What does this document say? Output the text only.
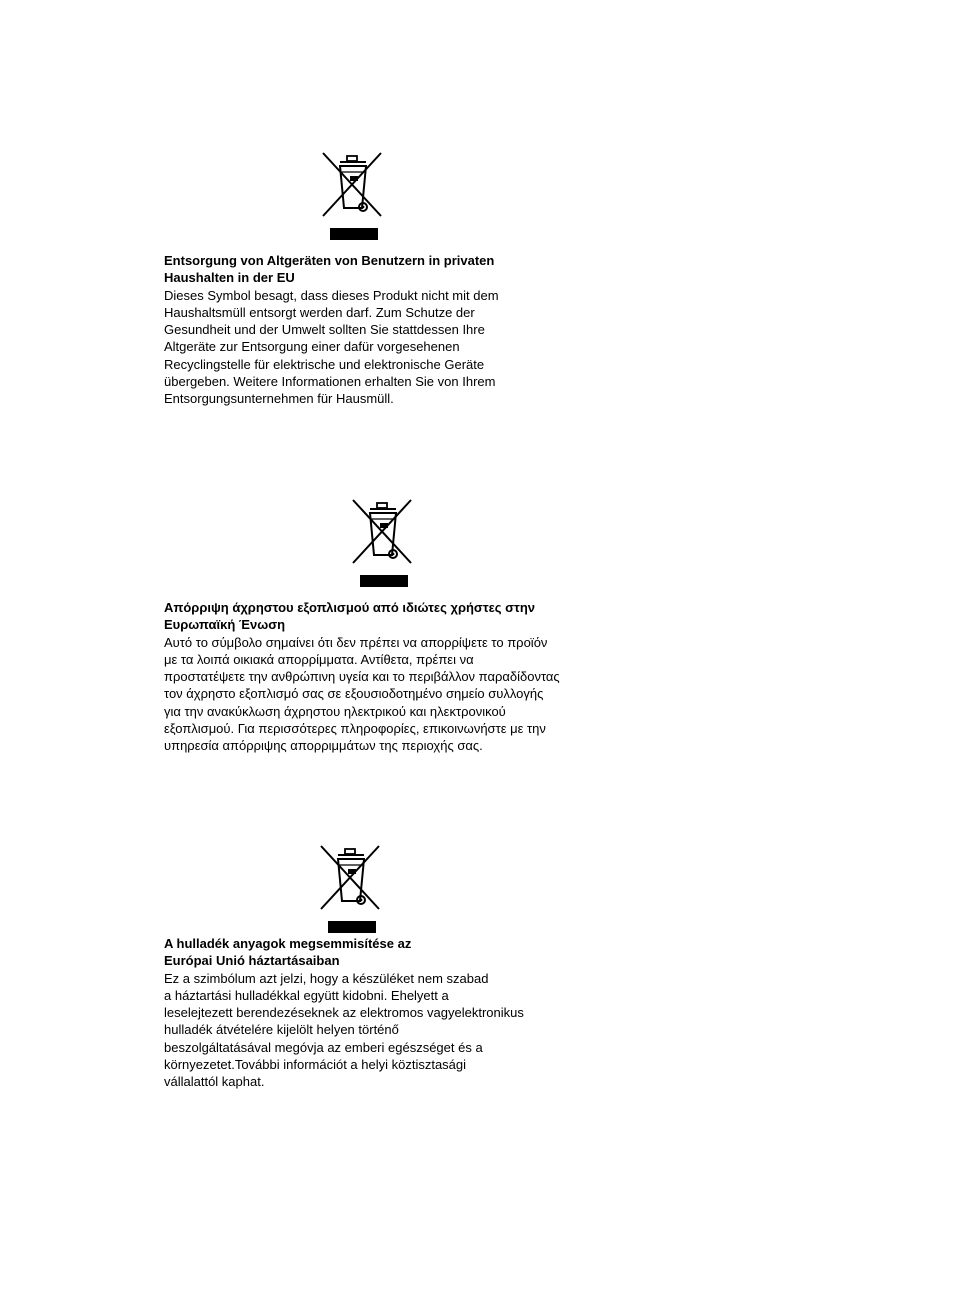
Entsorgung von Altgeräten von Benutzern in privaten
Haushalten in der EU
Dieses Symbol besagt, dass dieses Produkt nicht mit dem
Haushaltsmüll entsorgt werden darf. Zum Schutze der
Gesundheit und der Umwelt sollten Sie stattdessen Ihre
Altgeräte zur Entsorgung einer dafür vorgesehenen
Recyclingstelle für elektrische und elektronische Geräte
übergeben. Weitere Informationen erhalten Sie von Ihrem
Entsorgungsunternehmen für Hausmüll.
Απόρριψη άχρηστου εξοπλισμού από ιδιώτες χρήστες στην
Ευρωπαϊκή Ένωση
Αυτό το σύμβολο σημαίνει ότι δεν πρέπει να απορρίψετε το προϊόν
με τα λοιπά οικιακά απορρίμματα. Αντίθετα, πρέπει να
προστατέψετε την ανθρώπινη υγεία και το περιβάλλον παραδίδοντας
τον άχρηστο εξοπλισμό σας σε εξουσιοδοτημένο σημείο συλλογής
για την ανακύκλωση άχρηστου ηλεκτρικού και ηλεκτρονικού
εξοπλισμού. Για περισσότερες πληροφορίες, επικοινωνήστε με την
υπηρεσία απόρριψης απορριμμάτων της περιοχής σας.
A hulladék anyagok megsemmisítése az
Európai Unió háztartásaiban
Ez a szimbólum azt jelzi, hogy a készüléket nem szabad
a háztartási hulladékkal együtt kidobni. Ehelyett a
leselejtezett berendezéseknek az elektromos vagyelektronikus
hulladék átvételére kijelölt helyen történő
beszolgáltatásával megóvja az emberi egészséget és a
környezetet.További információt a helyi köztisztasági
vállalattól kaphat.
